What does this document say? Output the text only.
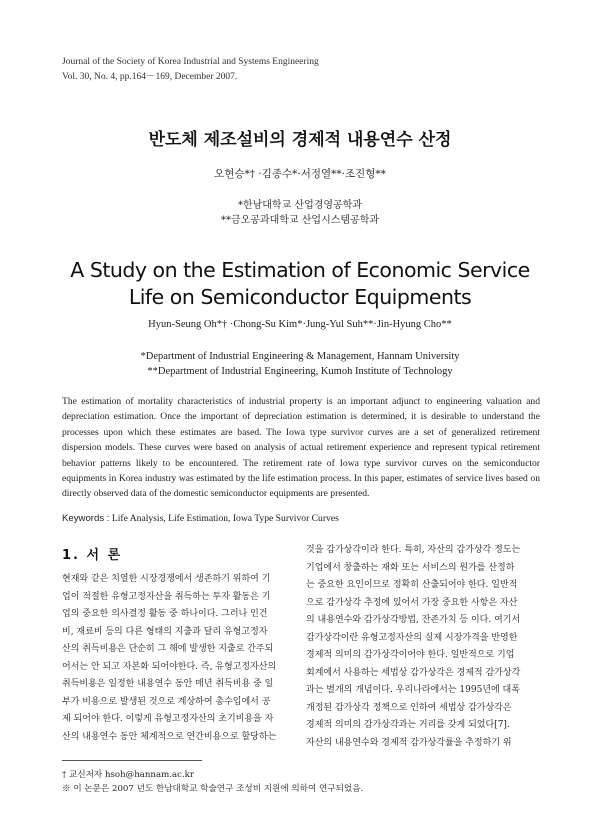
Journal of the Society of Korea Industrial and Systems Engineering
Vol. 30, No. 4, pp.164－169, December 2007.
반도체 제조설비의 경제적 내용연수 산정
오현승*† ·김종수*·서정열**·조진형**
*한남대학교 산업경영공학과
**금오공과대학교 산업시스템공학과
A Study on the Estimation of Economic Service
Life on Semiconductor Equipments
Hyun-Seung Oh*† ·Chong-Su Kim*·Jung-Yul Suh**·Jin-Hyung Cho**
*Department of Industrial Engineering & Management, Hannam University
**Department of Industrial Engineering, Kumoh Institute of Technology
The estimation of mortality characteristics of industrial property is an important adjunct to engineering valuation and depreciation estimation. Once the important of depreciation estimation is determined, it is desirable to understand the processes upon which these estimates are based. The Iowa type survivor curves are a set of generalized retirement dispersion models. These curves were based on analysis of actual retirement experience and represent typical retirement behavior patterns likely to be encountered. The retirement rate of Iowa type survivor curves on the semiconductor equipments in Korea industry was estimated by the life estimation process. In this paper, estimates of service lives based on directly observed data of the domestic semiconductor equipments are presented.
Keywords : Life Analysis, Life Estimation, Iowa Type Survivor Curves
1. 서 론
현재와 같은 치열한 시장경쟁에서 생존하기 위하여 기
업이 적절한 유형고정자산을 취득하는 투자 활동은 기
업의 중요한 의사결정 활동 중 하나이다. 그러나 인건
비, 재료비 등의 다른 형태의 지출과 달리 유형고정자
산의 취득비용은 단순히 그 해에 발생한 지출로 간주되
어서는 안 되고 자본화 되어야한다. 즉, 유형고정자산의
취득비용은 일정한 내용연수 동안 매년 취득비용 중 일
부가 비용으로 발생된 것으로 계상하여 총수입에서 공
제 되어야 한다. 이렇게 유형고정자산의 초기비용을 자
산의 내용연수 동안 체계적으로 연간비용으로 할당하는
것을 감가상각이라 한다. 특히, 자산의 감가상각 정도는
기업에서 창출하는 재화 또는 서비스의 원가를 산정하
는 중요한 요인이므로 정확히 산출되어야 한다. 일반적
으로 감가상각 추정에 있어서 가장 중요한 사항은 자산
의 내용연수와 감가상각방법, 잔존가치 등 이다. 여기서
감가상각이란 유형고정자산의 실제 시장가격을 반영한
경제적 의미의 감가상각이어야 한다. 일반적으로 기업
회계에서 사용하는 세법상 감가상각은 경제적 감가상각
과는 별개의 개념이다. 우리나라에서는 1995년에 대폭
개정된 감가상각 정책으로 인하여 세법상 감가상각은
경제적 의미의 감가상각과는 거리를 갖게 되었다[7].
자산의 내용연수와 경제적 감가상각률을 추정하기 위
† 교신저자 hsoh@hannam.ac.kr
※ 이 논문은 2007 년도 한남대학교 학술연구 조성비 지원에 의하여 연구되었음.
